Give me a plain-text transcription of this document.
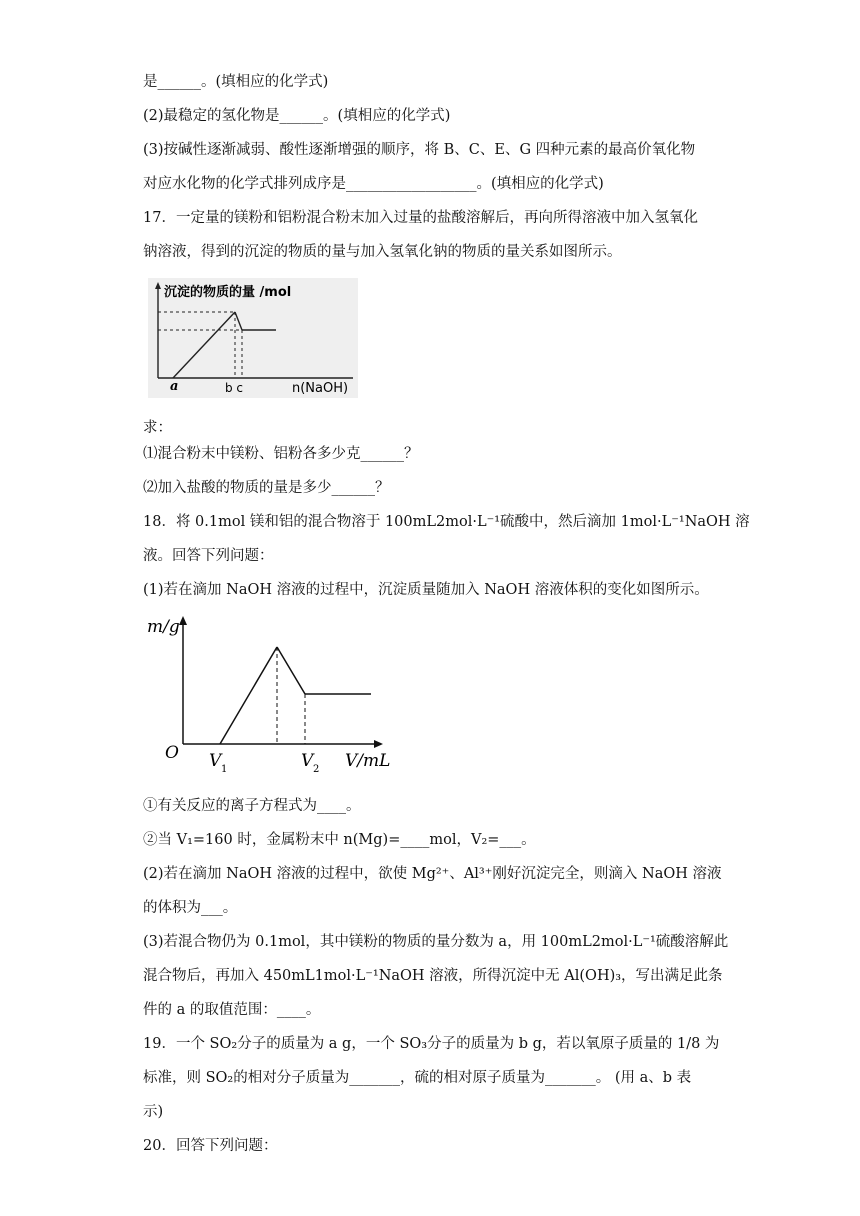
是______。(填相应的化学式)
(2)最稳定的氢化物是______。(填相应的化学式)
(3)按碱性逐渐减弱、酸性逐渐增强的顺序，将 B、C、E、G 四种元素的最高价氧化物
对应水化物的化学式排列成序是__________________。(填相应的化学式)
17．一定量的镁粉和铝粉混合粉末加入过量的盐酸溶解后，再向所得溶液中加入氢氧化
钠溶液，得到的沉淀的物质的量与加入氢氧化钠的物质的量关系如图所示。
沉淀的物质的量 /mol
a	b c	n(NaOH)
求：
⑴混合粉末中镁粉、铝粉各多少克______？
⑵加入盐酸的物质的量是多少______？
18．将 0.1mol 镁和铝的混合物溶于 100mL2mol·L⁻¹硫酸中，然后滴加 1mol·L⁻¹NaOH 溶
液。回答下列问题：
(1)若在滴加 NaOH 溶液的过程中，沉淀质量随加入 NaOH 溶液体积的变化如图所示。
m/g
O V 1	V 2 V/mL
①有关反应的离子方程式为____。
②当 V₁=160 时，金属粉末中 n(Mg)=____mol，V₂=___。
(2)若在滴加 NaOH 溶液的过程中，欲使 Mg²⁺、Al³⁺刚好沉淀完全，则滴入 NaOH 溶液
的体积为___。
(3)若混合物仍为 0.1mol，其中镁粉的物质的量分数为 a，用 100mL2mol·L⁻¹硫酸溶解此
混合物后，再加入 450mL1mol·L⁻¹NaOH 溶液，所得沉淀中无 Al(OH)₃，写出满足此条
件的 a 的取值范围：____。
19．一个 SO₂分子的质量为 a g，一个 SO₃分子的质量为 b g，若以氧原子质量的 1/8 为
标准，则 SO₂的相对分子质量为_______，硫的相对原子质量为_______。 (用 a、b 表
示)
20．回答下列问题：
